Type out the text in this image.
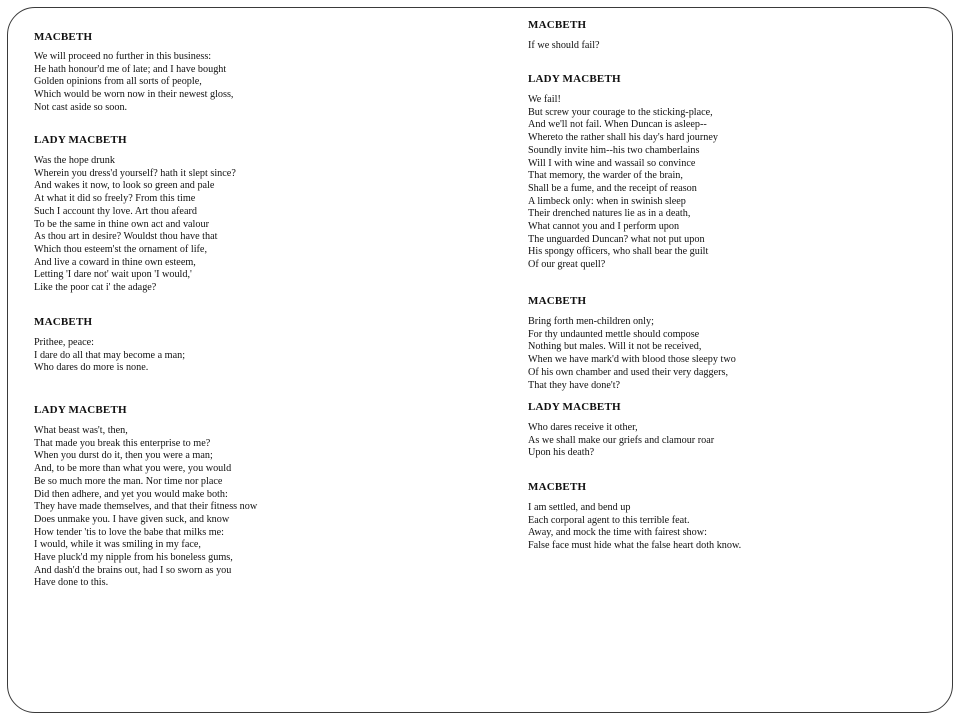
MACBETH
We will proceed no further in this business:
He hath honour'd me of late; and I have bought
Golden opinions from all sorts of people,
Which would be worn now in their newest gloss,
Not cast aside so soon.
LADY MACBETH
Was the hope drunk
Wherein you dress'd yourself? hath it slept since?
And wakes it now, to look so green and pale
At what it did so freely? From this time
Such I account thy love. Art thou afeard
To be the same in thine own act and valour
As thou art in desire? Wouldst thou have that
Which thou esteem'st the ornament of life,
And live a coward in thine own esteem,
Letting 'I dare not' wait upon 'I would,'
Like the poor cat i' the adage?
MACBETH
Prithee, peace:
I dare do all that may become a man;
Who dares do more is none.
LADY MACBETH
What beast was't, then,
That made you break this enterprise to me?
When you durst do it, then you were a man;
And, to be more than what you were, you would
Be so much more the man. Nor time nor place
Did then adhere, and yet you would make both:
They have made themselves, and that their fitness now
Does unmake you. I have given suck, and know
How tender 'tis to love the babe that milks me:
I would, while it was smiling in my face,
Have pluck'd my nipple from his boneless gums,
And dash'd the brains out, had I so sworn as you
Have done to this.
MACBETH
If we should fail?
LADY MACBETH
We fail!
But screw your courage to the sticking-place,
And we'll not fail. When Duncan is asleep--
Whereto the rather shall his day's hard journey
Soundly invite him--his two chamberlains
Will I with wine and wassail so convince
That memory, the warder of the brain,
Shall be a fume, and the receipt of reason
A limbeck only: when in swinish sleep
Their drenched natures lie as in a death,
What cannot you and I perform upon
The unguarded Duncan? what not put upon
His spongy officers, who shall bear the guilt
Of our great quell?
MACBETH
Bring forth men-children only;
For thy undaunted mettle should compose
Nothing but males. Will it not be received,
When we have mark'd with blood those sleepy two
Of his own chamber and used their very daggers,
That they have done't?
LADY MACBETH
Who dares receive it other,
As we shall make our griefs and clamour roar
Upon his death?
MACBETH
I am settled, and bend up
Each corporal agent to this terrible feat.
Away, and mock the time with fairest show:
False face must hide what the false heart doth know.
